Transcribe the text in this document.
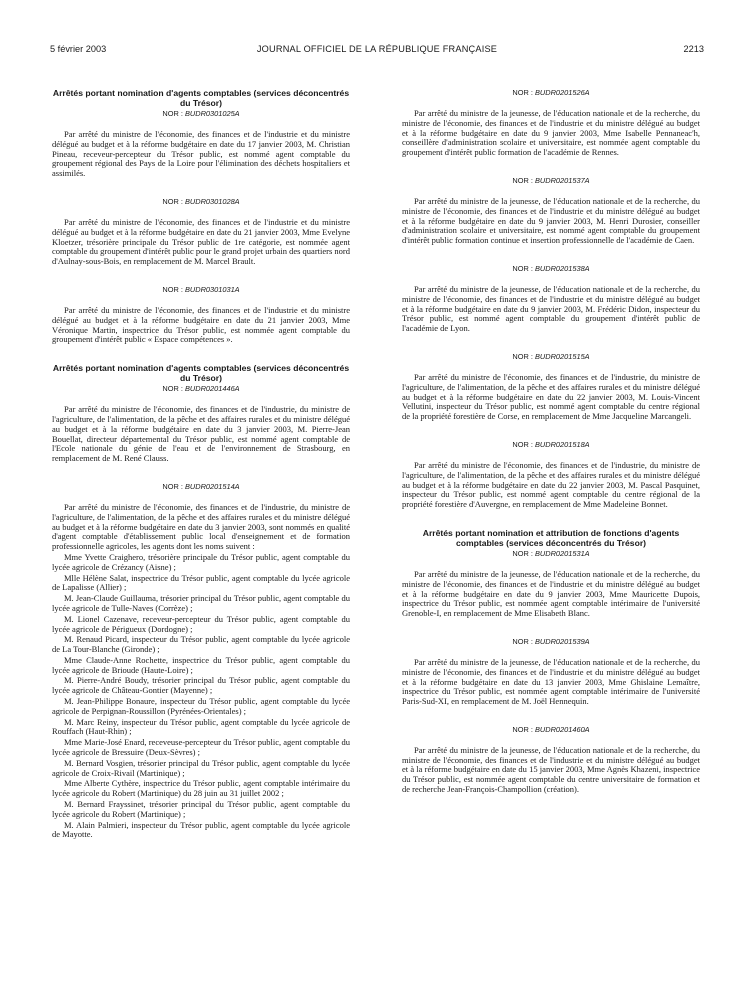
5 février 2003	JOURNAL OFFICIEL DE LA RÉPUBLIQUE FRANÇAISE	2213
Arrêtés portant nomination d'agents comptables (services déconcentrés du Trésor)
NOR : BUDR0301025A

Par arrêté du ministre de l'économie, des finances et de l'industrie et du ministre délégué au budget et à la réforme budgétaire en date du 17 janvier 2003, M. Christian Pineau, receveur-percepteur du Trésor public, est nommé agent comptable du groupement régional des Pays de la Loire pour l'élimination des déchets hospitaliers et assimilés.

NOR : BUDR0301028A

Par arrêté du ministre de l'économie, des finances et de l'industrie et du ministre délégué au budget et à la réforme budgétaire en date du 21 janvier 2003, Mme Evelyne Kloetzer, trésorière principale du Trésor public de 1re catégorie, est nommée agent comptable du groupement d'intérêt public pour le grand projet urbain des quartiers nord d'Aulnay-sous-Bois, en remplacement de M. Marcel Brault.

NOR : BUDR0301031A

Par arrêté du ministre de l'économie, des finances et de l'industrie et du ministre délégué au budget et à la réforme budgétaire en date du 21 janvier 2003, Mme Véronique Martin, inspectrice du Trésor public, est nommée agent comptable du groupement d'intérêt public « Espace compétences ».

Arrêtés portant nomination d'agents comptables (services déconcentrés du Trésor)
NOR : BUDR0201446A

Par arrêté du ministre de l'économie, des finances et de l'industrie, du ministre de l'agriculture, de l'alimentation, de la pêche et des affaires rurales et du ministre délégué au budget et à la réforme budgétaire en date du 3 janvier 2003, M. Pierre-Jean Bouellat, directeur départemental du Trésor public, est nommé agent comptable de l'Ecole nationale du génie de l'eau et de l'environnement de Strasbourg, en remplacement de M. René Clauss.

NOR : BUDR0201514A

Par arrêté du ministre de l'économie, des finances et de l'industrie, du ministre de l'agriculture, de l'alimentation, de la pêche et des affaires rurales et du ministre délégué au budget et à la réforme budgétaire en date du 3 janvier 2003, sont nommés en qualité d'agent comptable d'établissement public local d'enseignement et de formation professionnelle agricoles, les agents dont les noms suivent :

Mme Yvette Craighero, trésorière principale du Trésor public, agent comptable du lycée agricole de Crézancy (Aisne) ;

Mlle Hélène Salat, inspectrice du Trésor public, agent comptable du lycée agricole de Lapalisse (Allier) ;

M. Jean-Claude Guillauma, trésorier principal du Trésor public, agent comptable du lycée agricole de Tulle-Naves (Corrèze) ;

M. Lionel Cazenave, receveur-percepteur du Trésor public, agent comptable du lycée agricole de Périgueux (Dordogne) ;

M. Renaud Picard, inspecteur du Trésor public, agent comptable du lycée agricole de La Tour-Blanche (Gironde) ;

Mme Claude-Anne Rochette, inspectrice du Trésor public, agent comptable du lycée agricole de Brioude (Haute-Loire) ;

M. Pierre-André Boudy, trésorier principal du Trésor public, agent comptable du lycée agricole de Château-Gontier (Mayenne) ;

M. Jean-Philippe Bonaure, inspecteur du Trésor public, agent comptable du lycée agricole de Perpignan-Roussillon (Pyrénées-Orientales) ;

M. Marc Reiny, inspecteur du Trésor public, agent comptable du lycée agricole de Rouffach (Haut-Rhin) ;

Mme Marie-José Enard, receveuse-percepteur du Trésor public, agent comptable du lycée agricole de Bressuire (Deux-Sèvres) ;

M. Bernard Vosgien, trésorier principal du Trésor public, agent comptable du lycée agricole de Croix-Rivail (Martinique) ;

Mme Alberte Cythère, inspectrice du Trésor public, agent comptable intérimaire du lycée agricole du Robert (Martinique) du 28 juin au 31 juillet 2002 ;

M. Bernard Frayssinet, trésorier principal du Trésor public, agent comptable du lycée agricole du Robert (Martinique) ;

M. Alain Palmieri, inspecteur du Trésor public, agent comptable du lycée agricole de Mayotte.

NOR : BUDR0201526A

Par arrêté du ministre de la jeunesse, de l'éducation nationale et de la recherche, du ministre de l'économie, des finances et de l'industrie et du ministre délégué au budget et à la réforme budgétaire en date du 9 janvier 2003, Mme Isabelle Pennaneac'h, conseillère d'administration scolaire et universitaire, est nommée agent comptable du groupement d'intérêt public formation de l'académie de Rennes.

NOR : BUDR0201537A

Par arrêté du ministre de la jeunesse, de l'éducation nationale et de la recherche, du ministre de l'économie, des finances et de l'industrie et du ministre délégué au budget et à la réforme budgétaire en date du 9 janvier 2003, M. Henri Durosier, conseiller d'administration scolaire et universitaire, est nommé agent comptable du groupement d'intérêt public formation continue et insertion professionnelle de l'académie de Caen.

NOR : BUDR0201538A

Par arrêté du ministre de la jeunesse, de l'éducation nationale et de la recherche, du ministre de l'économie, des finances et de l'industrie et du ministre délégué au budget et à la réforme budgétaire en date du 9 janvier 2003, M. Frédéric Didon, inspecteur du Trésor public, est nommé agent comptable du groupement d'intérêt public de l'académie de Lyon.

NOR : BUDR0201515A

Par arrêté du ministre de l'économie, des finances et de l'industrie, du ministre de l'agriculture, de l'alimentation, de la pêche et des affaires rurales et du ministre délégué au budget et à la réforme budgétaire en date du 22 janvier 2003, M. Louis-Vincent Vellutini, inspecteur du Trésor public, est nommé agent comptable du centre régional de la propriété forestière de Corse, en remplacement de Mme Jacqueline Marcangeli.

NOR : BUDR0201518A

Par arrêté du ministre de l'économie, des finances et de l'industrie, du ministre de l'agriculture, de l'alimentation, de la pêche et des affaires rurales et du ministre délégué au budget et à la réforme budgétaire en date du 22 janvier 2003, M. Pascal Pasquinet, inspecteur du Trésor public, est nommé agent comptable du centre régional de la propriété forestière d'Auvergne, en remplacement de Mme Madeleine Bonnet.

Arrêtés portant nomination et attribution de fonctions d'agents comptables (services déconcentrés du Trésor)
NOR : BUDR0201531A

Par arrêté du ministre de la jeunesse, de l'éducation nationale et de la recherche, du ministre de l'économie, des finances et de l'industrie et du ministre délégué au budget et à la réforme budgétaire en date du 9 janvier 2003, Mme Mauricette Dupois, inspectrice du Trésor public, est nommée agent comptable intérimaire de l'université Grenoble-I, en remplacement de Mme Elisabeth Blanc.

NOR : BUDR0201539A

Par arrêté du ministre de la jeunesse, de l'éducation nationale et de la recherche, du ministre de l'économie, des finances et de l'industrie et du ministre délégué au budget et à la réforme budgétaire en date du 13 janvier 2003, Mme Ghislaine Lemaître, inspectrice du Trésor public, est nommée agent comptable intérimaire de l'université Paris-Sud-XI, en remplacement de M. Joël Hennequin.

NOR : BUDR0201460A

Par arrêté du ministre de la jeunesse, de l'éducation nationale et de la recherche, du ministre de l'économie, des finances et de l'industrie et du ministre délégué au budget et à la réforme budgétaire en date du 15 janvier 2003, Mme Agnès Khazeni, inspectrice du Trésor public, est nommée agent comptable du centre universitaire de formation et de recherche Jean-François-Champollion (création).
